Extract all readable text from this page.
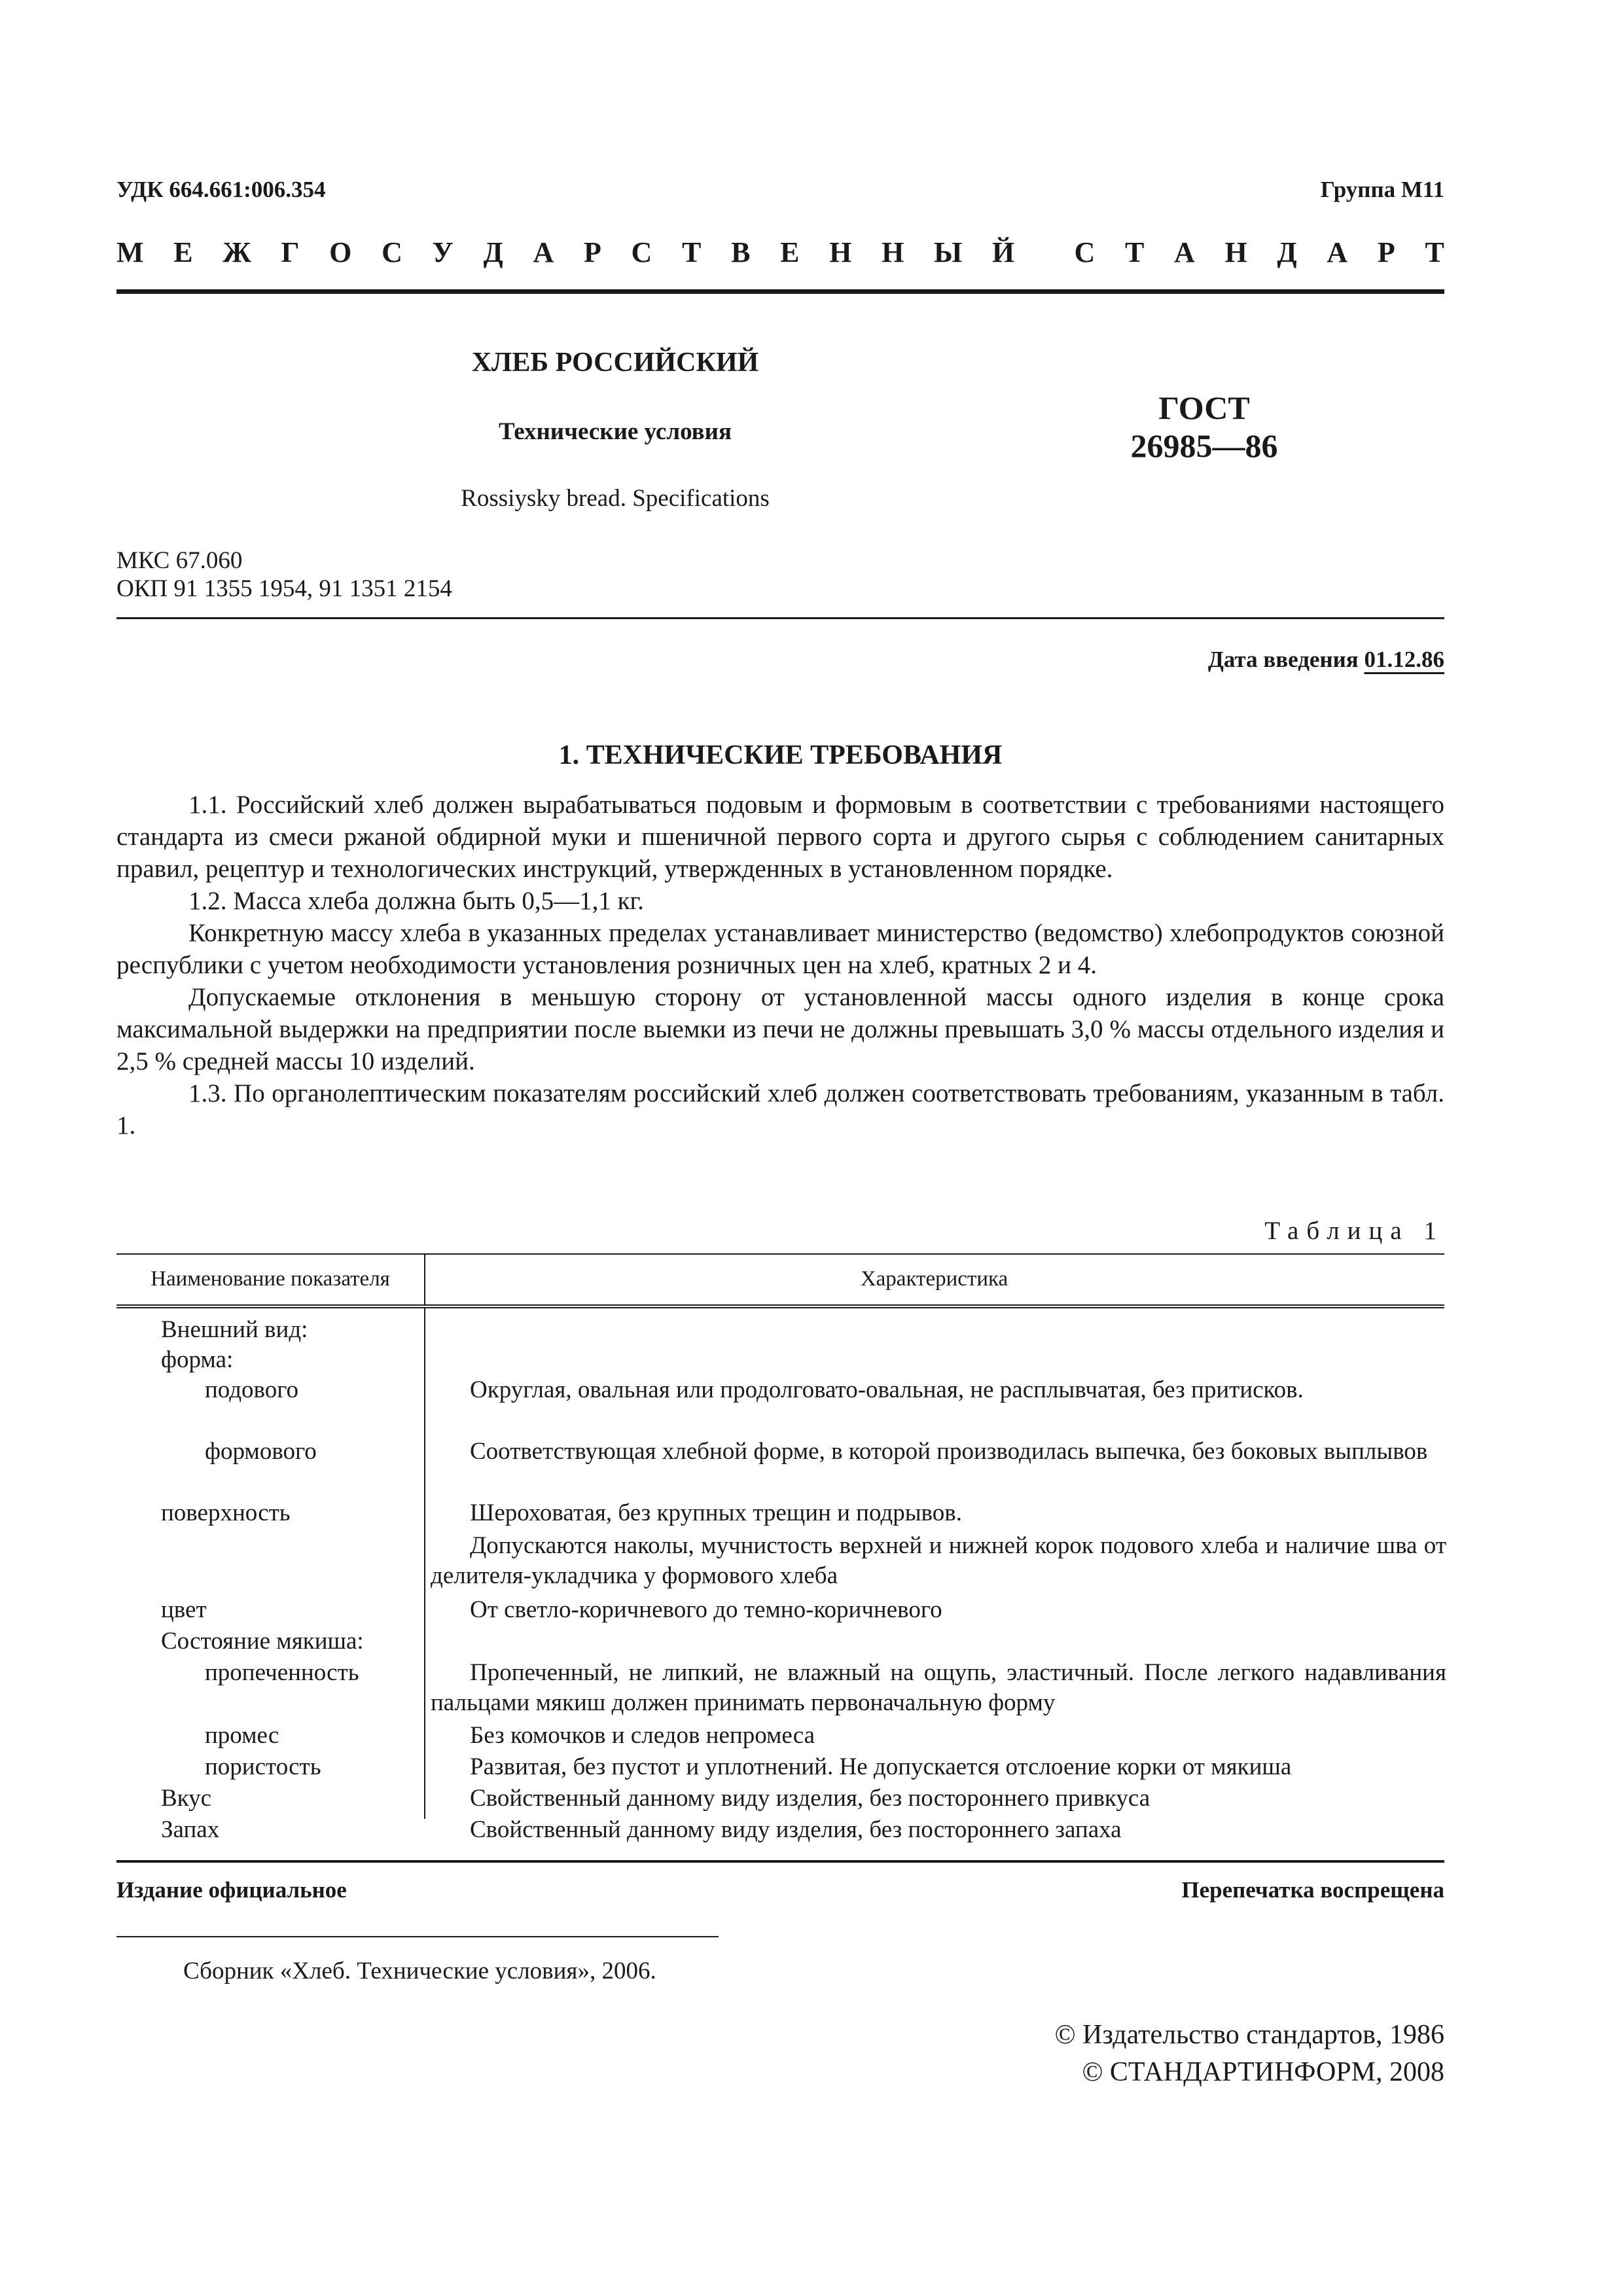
УДК 664.661:006.354	Группа М11
М Е Ж Г О С У Д А Р С Т В Е Н Н Ы Й С Т А Н Д А Р Т
ХЛЕБ РОССИЙСКИЙ
Технические условия
Rossiysky bread. Specifications
ГОСТ
26985—86
МКС 67.060
ОКП 91 1355 1954, 91 1351 2154
Дата введения 01.12.86
1. ТЕХНИЧЕСКИЕ ТРЕБОВАНИЯ

1.1. Российский хлеб должен вырабатываться подовым и формовым в соответствии с требованиями настоящего стандарта из смеси ржаной обдирной муки и пшеничной первого сорта и другого сырья с соблюдением санитарных правил, рецептур и технологических инструкций, утвержденных в установленном порядке.

1.2. Масса хлеба должна быть 0,5—1,1 кг.

Конкретную массу хлеба в указанных пределах устанавливает министерство (ведомство) хлебопродуктов союзной республики с учетом необходимости установления розничных цен на хлеб, кратных 2 и 4.

Допускаемые отклонения в меньшую сторону от установленной массы одного изделия в конце срока максимальной выдержки на предприятии после выемки из печи не должны превышать 3,0 % массы отдельного изделия и 2,5 % средней массы 10 изделий.

1.3. По органолептическим показателям российский хлеб должен соответствовать требованиям, указанным в табл. 1.

Таблица 1
Наименование показателя	Характеристика
Внешний вид:
форма:
подового	Округлая, овальная или продолговато-овальная, не расплывчатая, без притисков.
формового	Соответствующая хлебной форме, в которой производилась выпечка, без боковых выплывов
поверхность	Шероховатая, без крупных трещин и подрывов.
Допускаются наколы, мучнистость верхней и нижней корок подового хлеба и наличие шва от делителя-укладчика у формового хлеба
цвет	От светло-коричневого до темно-коричневого
Состояние мякиша:
пропеченность	Пропеченный, не липкий, не влажный на ощупь, эластичный. После легкого надавливания пальцами мякиш должен принимать первоначальную форму
промес	Без комочков и следов непромеса
пористость	Развитая, без пустот и уплотнений. Не допускается отслоение корки от мякиша
Вкус	Свойственный данному виду изделия, без постороннего привкуса
Запах	Свойственный данному виду изделия, без постороннего запаха
Издание официальное	Перепечатка воспрещена
Сборник «Хлеб. Технические условия», 2006.
© Издательство стандартов, 1986
© СТАНДАРТИНФОРМ, 2008
